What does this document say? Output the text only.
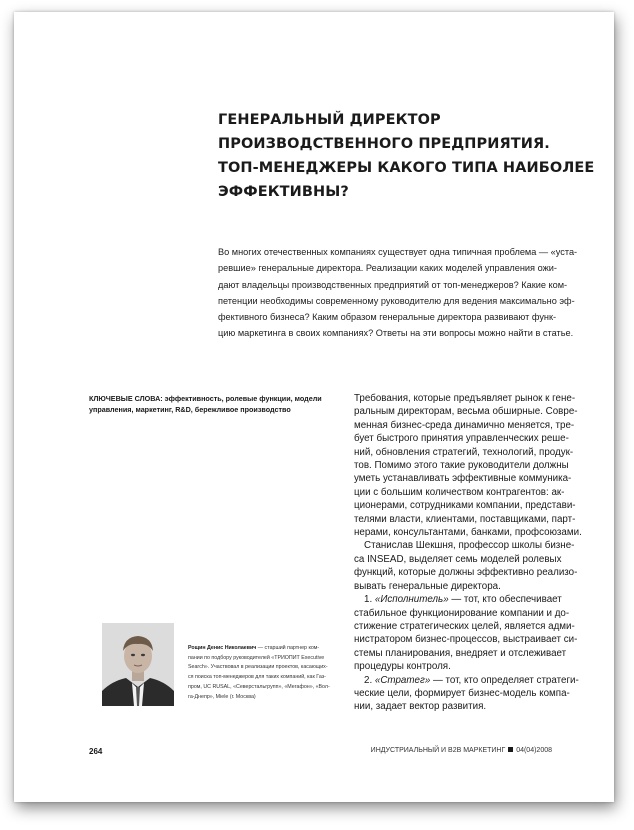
ГЕНЕРАЛЬНЫЙ ДИРЕКТОР
ПРОИЗВОДСТВЕННОГО ПРЕДПРИЯТИЯ.
ТОП-МЕНЕДЖЕРЫ КАКОГО ТИПА НАИБОЛЕЕ
ЭФФЕКТИВНЫ?

Во многих отечественных компаниях существует одна типичная проблема — «уста-
ревшие» генеральные директора. Реализации каких моделей управления ожи-
дают владельцы производственных предприятий от топ-менеджеров? Какие ком-
петенции необходимы современному руководителю для ведения максимально эф-
фективного бизнеса? Каким образом генеральные директора развивают функ-
цию маркетинга в своих компаниях? Ответы на эти вопросы можно найти в статье.

КЛЮЧЕВЫЕ СЛОВА: эффективность, ролевые функции, модели
управления, маркетинг, R&D, бережливое производство

Требования, которые предъявляет рынок к гене-
ральным директорам, весьма обширные. Совре-
менная бизнес-среда динамично меняется, тре-
бует быстрого принятия управленческих реше-
ний, обновления стратегий, технологий, продук-
тов. Помимо этого такие руководители должны
уметь устанавливать эффективные коммуника-
ции с большим количеством контрагентов: ак-
ционерами, сотрудниками компании, представи-
телями власти, клиентами, поставщиками, парт-
нерами, консультантами, банками, профсоюзами.
Станислав Шекшня, профессор школы бизне-
са INSEAD, выделяет семь моделей ролевых
функций, которые должны эффективно реализо-
вывать генеральные директора.
1. «Исполнитель» — тот, кто обеспечивает
стабильное функционирование компании и до-
стижение стратегических целей, является адми-
нистратором бизнес-процессов, выстраивает си-
стемы планирования, внедряет и отслеживает
процедуры контроля.
2. «Стратег» — тот, кто определяет стратеги-
ческие цели, формирует бизнес-модель компа-
нии, задает вектор развития.

Рощин Денис Николаевич — старший партнер ком-
пании по подбору руководителей «ТРИОПИТ Executive
Search». Участвовал в реализации проектов, касающих-
ся поиска топ-менеджеров для таких компаний, как Газ-
пром, UC RUSAL, «Северстальгрупп», «Мегафон», «Вол-
га-Днепр», Miele (г. Москва)

264	ИНДУСТРИАЛЬНЫЙ И B2B МАРКЕТИНГ 04(04)2008
